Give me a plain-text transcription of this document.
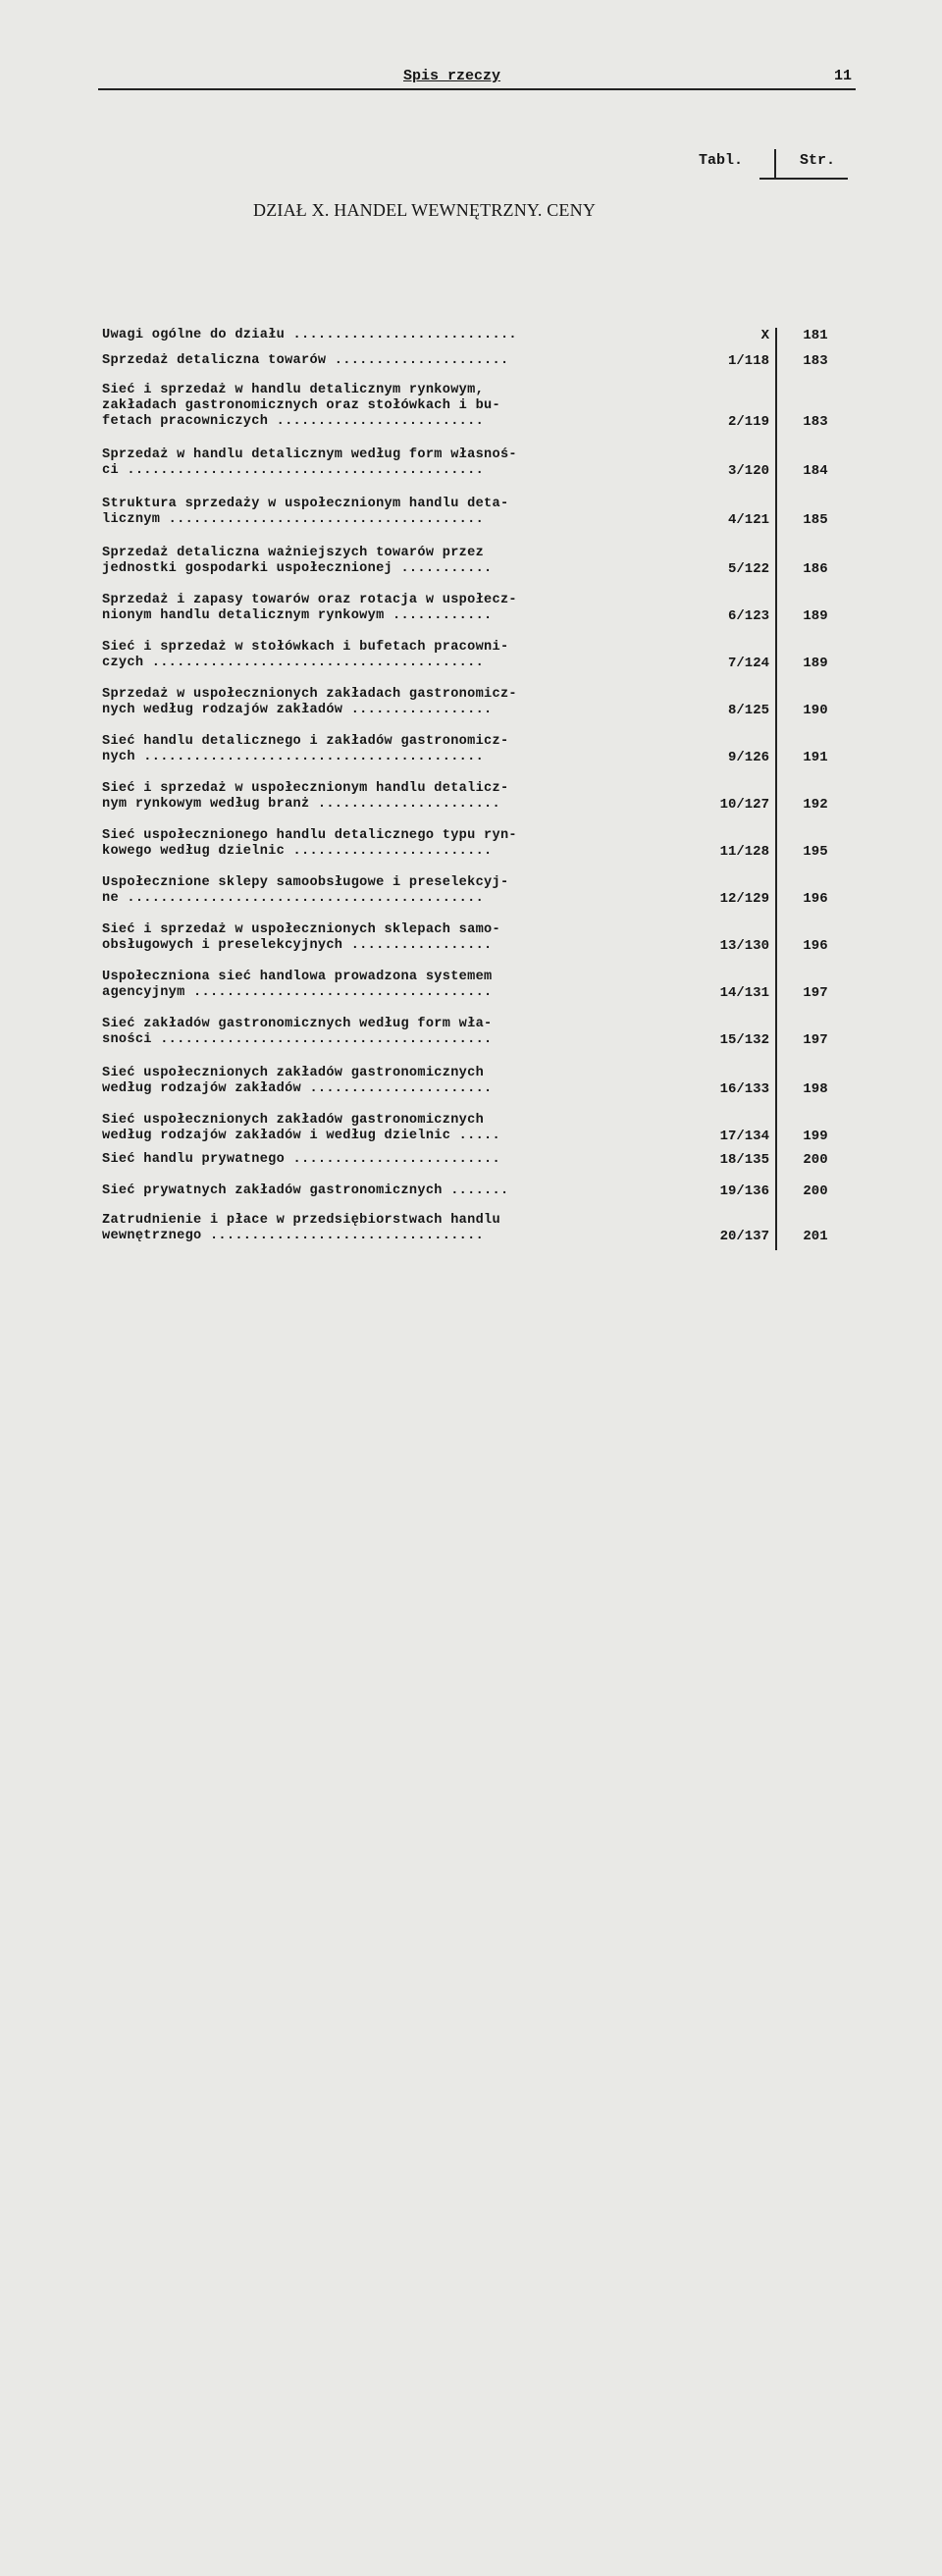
Spis rzeczy	11
Tabl.	Str.
DZIAŁ X. HANDEL WEWNĘTRZNY. CENY
Uwagi ogólne do działu ...........................	X	181
Sprzedaż detaliczna towarów .....................	1/118	183
Sieć i sprzedaż w handlu detalicznym rynkowym,
zakładach gastronomicznych oraz stołówkach i bu-
fetach pracowniczych .........................	2/119	183
Sprzedaż w handlu detalicznym według form własnoś-
ci ...........................................	3/120	184
Struktura sprzedaży w uspołecznionym handlu deta-
licznym ......................................	4/121	185
Sprzedaż detaliczna ważniejszych towarów przez
jednostki gospodarki uspołecznionej ...........	5/122	186
Sprzedaż i zapasy towarów oraz rotacja w uspołecz-
nionym handlu detalicznym rynkowym ............	6/123	189
Sieć i sprzedaż w stołówkach i bufetach pracowni-
czych ........................................	7/124	189
Sprzedaż w uspołecznionych zakładach gastronomicz-
nych według rodzajów zakładów .................	8/125	190
Sieć handlu detalicznego i zakładów gastronomicz-
nych .........................................	9/126	191
Sieć i sprzedaż w uspołecznionym handlu detalicz-
nym rynkowym według branż ......................	10/127	192
Sieć uspołecznionego handlu detalicznego typu ryn-
kowego według dzielnic ........................	11/128	195
Uspołecznione sklepy samoobsługowe i preselekcyj-
ne ...........................................	12/129	196
Sieć i sprzedaż w uspołecznionych sklepach samo-
obsługowych i preselekcyjnych .................	13/130	196
Uspołeczniona sieć handlowa prowadzona systemem
agencyjnym ....................................	14/131	197
Sieć zakładów gastronomicznych według form wła-
sności ........................................	15/132	197
Sieć uspołecznionych zakładów gastronomicznych
według rodzajów zakładów ......................	16/133	198
Sieć uspołecznionych zakładów gastronomicznych
według rodzajów zakładów i według dzielnic .....	17/134	199
Sieć handlu prywatnego .........................	18/135	200
Sieć prywatnych zakładów gastronomicznych .......	19/136	200
Zatrudnienie i płace w przedsiębiorstwach handlu
wewnętrznego .................................	20/137	201
